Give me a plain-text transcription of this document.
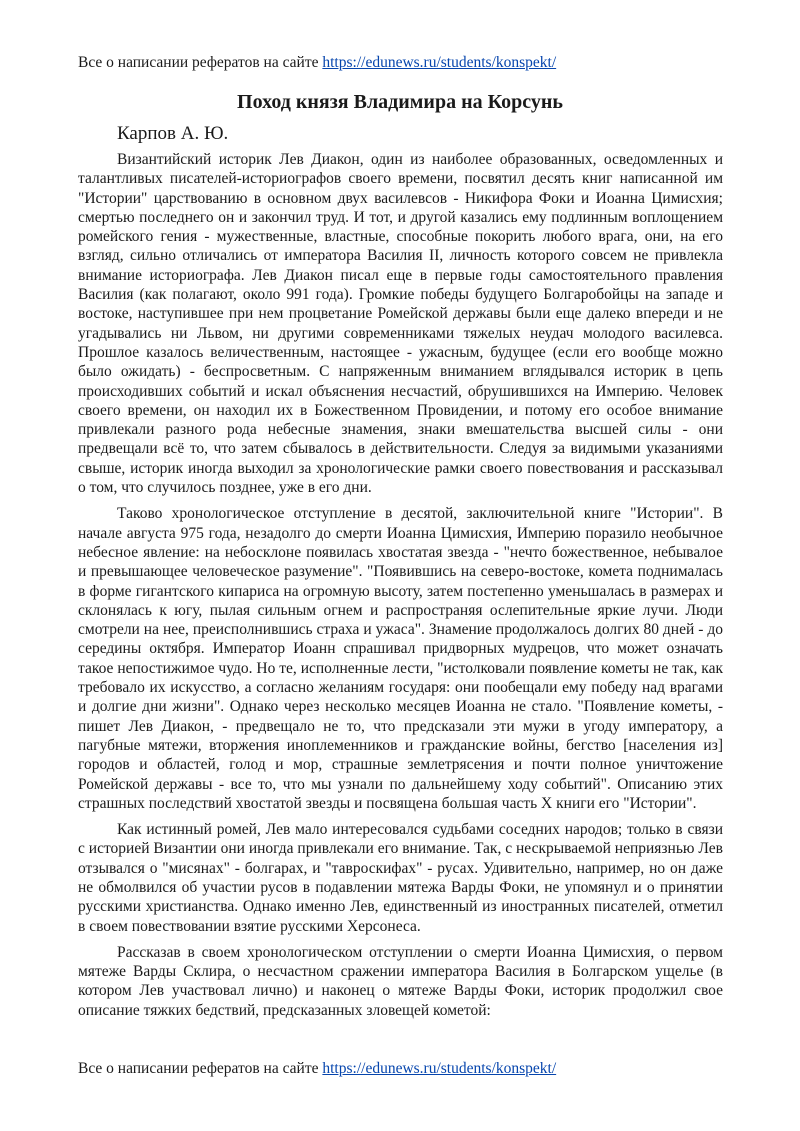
Все о написании рефератов на сайте https://edunews.ru/students/konspekt/
Поход князя Владимира на Корсунь
Карпов А. Ю.

Византийский историк Лев Диакон, один из наиболее образованных, осведомленных и талантливых писателей-историографов своего времени, посвятил десять книг написанной им "Истории" царствованию в основном двух василевсов - Никифора Фоки и Иоанна Цимисхия; смертью последнего он и закончил труд. И тот, и другой казались ему подлинным воплощением ромейского гения - мужественные, властные, способные покорить любого врага, они, на его взгляд, сильно отличались от императора Василия II, личность которого совсем не привлекла внимание историографа. Лев Диакон писал еще в первые годы самостоятельного правления Василия (как полагают, около 991 года). Громкие победы будущего Болгаробойцы на западе и востоке, наступившее при нем процветание Ромейской державы были еще далеко впереди и не угадывались ни Львом, ни другими современниками тяжелых неудач молодого василевса. Прошлое казалось величественным, настоящее - ужасным, будущее (если его вообще можно было ожидать) - беспросветным. С напряженным вниманием вглядывался историк в цепь происходивших событий и искал объяснения несчастий, обрушившихся на Империю. Человек своего времени, он находил их в Божественном Провидении, и потому его особое внимание привлекали разного рода небесные знамения, знаки вмешательства высшей силы - они предвещали всё то, что затем сбывалось в действительности. Следуя за видимыми указаниями свыше, историк иногда выходил за хронологические рамки своего повествования и рассказывал о том, что случилось позднее, уже в его дни.

Таково хронологическое отступление в десятой, заключительной книге "Истории". В начале августа 975 года, незадолго до смерти Иоанна Цимисхия, Империю поразило необычное небесное явление: на небосклоне появилась хвостатая звезда - "нечто божественное, небывалое и превышающее человеческое разумение". "Появившись на северо-востоке, комета поднималась в форме гигантского кипариса на огромную высоту, затем постепенно уменьшалась в размерах и склонялась к югу, пылая сильным огнем и распространяя ослепительные яркие лучи. Люди смотрели на нее, преисполнившись страха и ужаса". Знамение продолжалось долгих 80 дней - до середины октября. Император Иоанн спрашивал придворных мудрецов, что может означать такое непостижимое чудо. Но те, исполненные лести, "истолковали появление кометы не так, как требовало их искусство, а согласно желаниям государя: они пообещали ему победу над врагами и долгие дни жизни". Однако через несколько месяцев Иоанна не стало. "Появление кометы, - пишет Лев Диакон, - предвещало не то, что предсказали эти мужи в угоду императору, а пагубные мятежи, вторжения иноплеменников и гражданские войны, бегство [населения из] городов и областей, голод и мор, страшные землетрясения и почти полное уничтожение Ромейской державы - все то, что мы узнали по дальнейшему ходу событий". Описанию этих страшных последствий хвостатой звезды и посвящена большая часть X книги его "Истории".

Как истинный ромей, Лев мало интересовался судьбами соседних народов; только в связи с историей Византии они иногда привлекали его внимание. Так, с нескрываемой неприязнью Лев отзывался о "мисянах" - болгарах, и "тавроскифах" - русах. Удивительно, например, но он даже не обмолвился об участии русов в подавлении мятежа Варды Фоки, не упомянул и о принятии русскими христианства. Однако именно Лев, единственный из иностранных писателей, отметил в своем повествовании взятие русскими Херсонеса.

Рассказав в своем хронологическом отступлении о смерти Иоанна Цимисхия, о первом мятеже Варды Склира, о несчастном сражении императора Василия в Болгарском ущелье (в котором Лев участвовал лично) и наконец о мятеже Варды Фоки, историк продолжил свое описание тяжких бедствий, предсказанных зловещей кометой:

Все о написании рефератов на сайте https://edunews.ru/students/konspekt/
